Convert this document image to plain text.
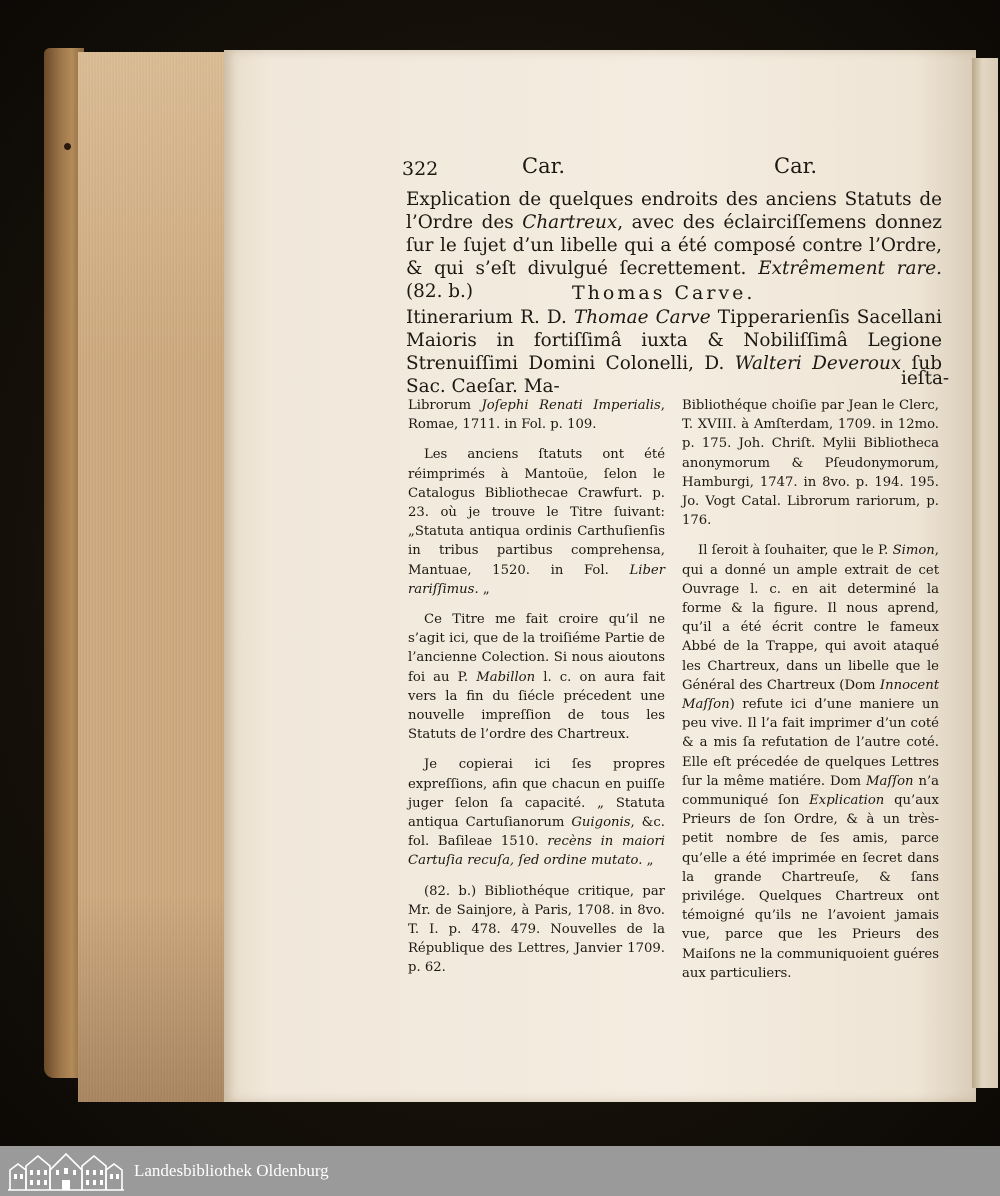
322	Car.	Car.
Explication de quelques endroits des anciens Statuts de l’Ordre des Chartreux, avec des éclairciſſemens donnez ſur le ſujet d’un libelle qui a été composé contre l’Ordre, & qui s’eſt divulgué ſecrettement. Extrêmement rare. (82. b.)	Thomas Carve.
Itinerarium R. D. Thomae Carve Tipperarienſis Sacellani Maioris in fortiſſimâ iuxta & Nobiliſſimâ Legione Strenuiſſimi Domini Colonelli, D. Walteri Deveroux ſub Sac. Caeſar. Ma-	ieſta-

Librorum Joſephi Renati Imperialis, Romae, 1711. in Fol. p. 109.

Les anciens ſtatuts ont été réimprimés à Mantoüe, ſelon le Catalogus Bibliothecae Crawfurt. p. 23. où je trouve le Titre ſuivant: „Statuta antiqua ordinis Carthuſienſis in tribus partibus comprehensa, Mantuae, 1520. in Fol. Liber rariſſimus. „

Ce Titre me fait croire qu’il ne s’agit ici, que de la troiſiéme Partie de l’ancienne Colection. Si nous aioutons foi au P. Mabillon l. c. on aura fait vers la fin du ſiécle précedent une nouvelle impreſſion de tous les Statuts de l’ordre des Chartreux.

Je copierai ici ſes propres expreſſions, afin que chacun en puiſſe juger ſelon ſa capacité. „ Statuta antiqua Cartuſianorum Guigonis, &c. fol. Baſileae 1510. recèns in maiori Cartuſia recuſa, ſed ordine mutato. „

(82. b.) Bibliothéque critique, par Mr. de Sainjore, à Paris, 1708. in 8vo. T. I. p. 478. 479. Nouvelles de la République des Lettres, Janvier 1709. p. 62.

Bibliothéque choiſie par Jean le Clerc, T. XVIII. à Amſterdam, 1709. in 12mo. p. 175. Joh. Chriſt. Mylii Bibliotheca anonymorum & Pſeudonymorum, Hamburgi, 1747. in 8vo. p. 194. 195. Jo. Vogt Catal. Librorum rariorum, p. 176.

Il ſeroit à ſouhaiter, que le P. Simon, qui a donné un ample extrait de cet Ouvrage l. c. en ait determiné la forme & la figure. Il nous aprend, qu’il a été écrit contre le fameux Abbé de la Trappe, qui avoit ataqué les Chartreux, dans un libelle que le Général des Chartreux (Dom Innocent Maſſon) refute ici d’une maniere un peu vive. Il l’a fait imprimer d’un coté & a mis ſa refutation de l’autre coté. Elle eſt précedée de quelques Lettres ſur la même matiére. Dom Maſſon n’a communiqué ſon Explication qu’aux Prieurs de ſon Ordre, & à un très-petit nombre de ſes amis, parce qu’elle a été imprimée en ſecret dans la grande Chartreuſe, & ſans privilége. Quelques Chartreux ont témoigné qu’ils ne l’avoient jamais vue, parce que les Prieurs des Maiſons ne la communiquoient guéres aux particuliers.

Landesbibliothek Oldenburg
